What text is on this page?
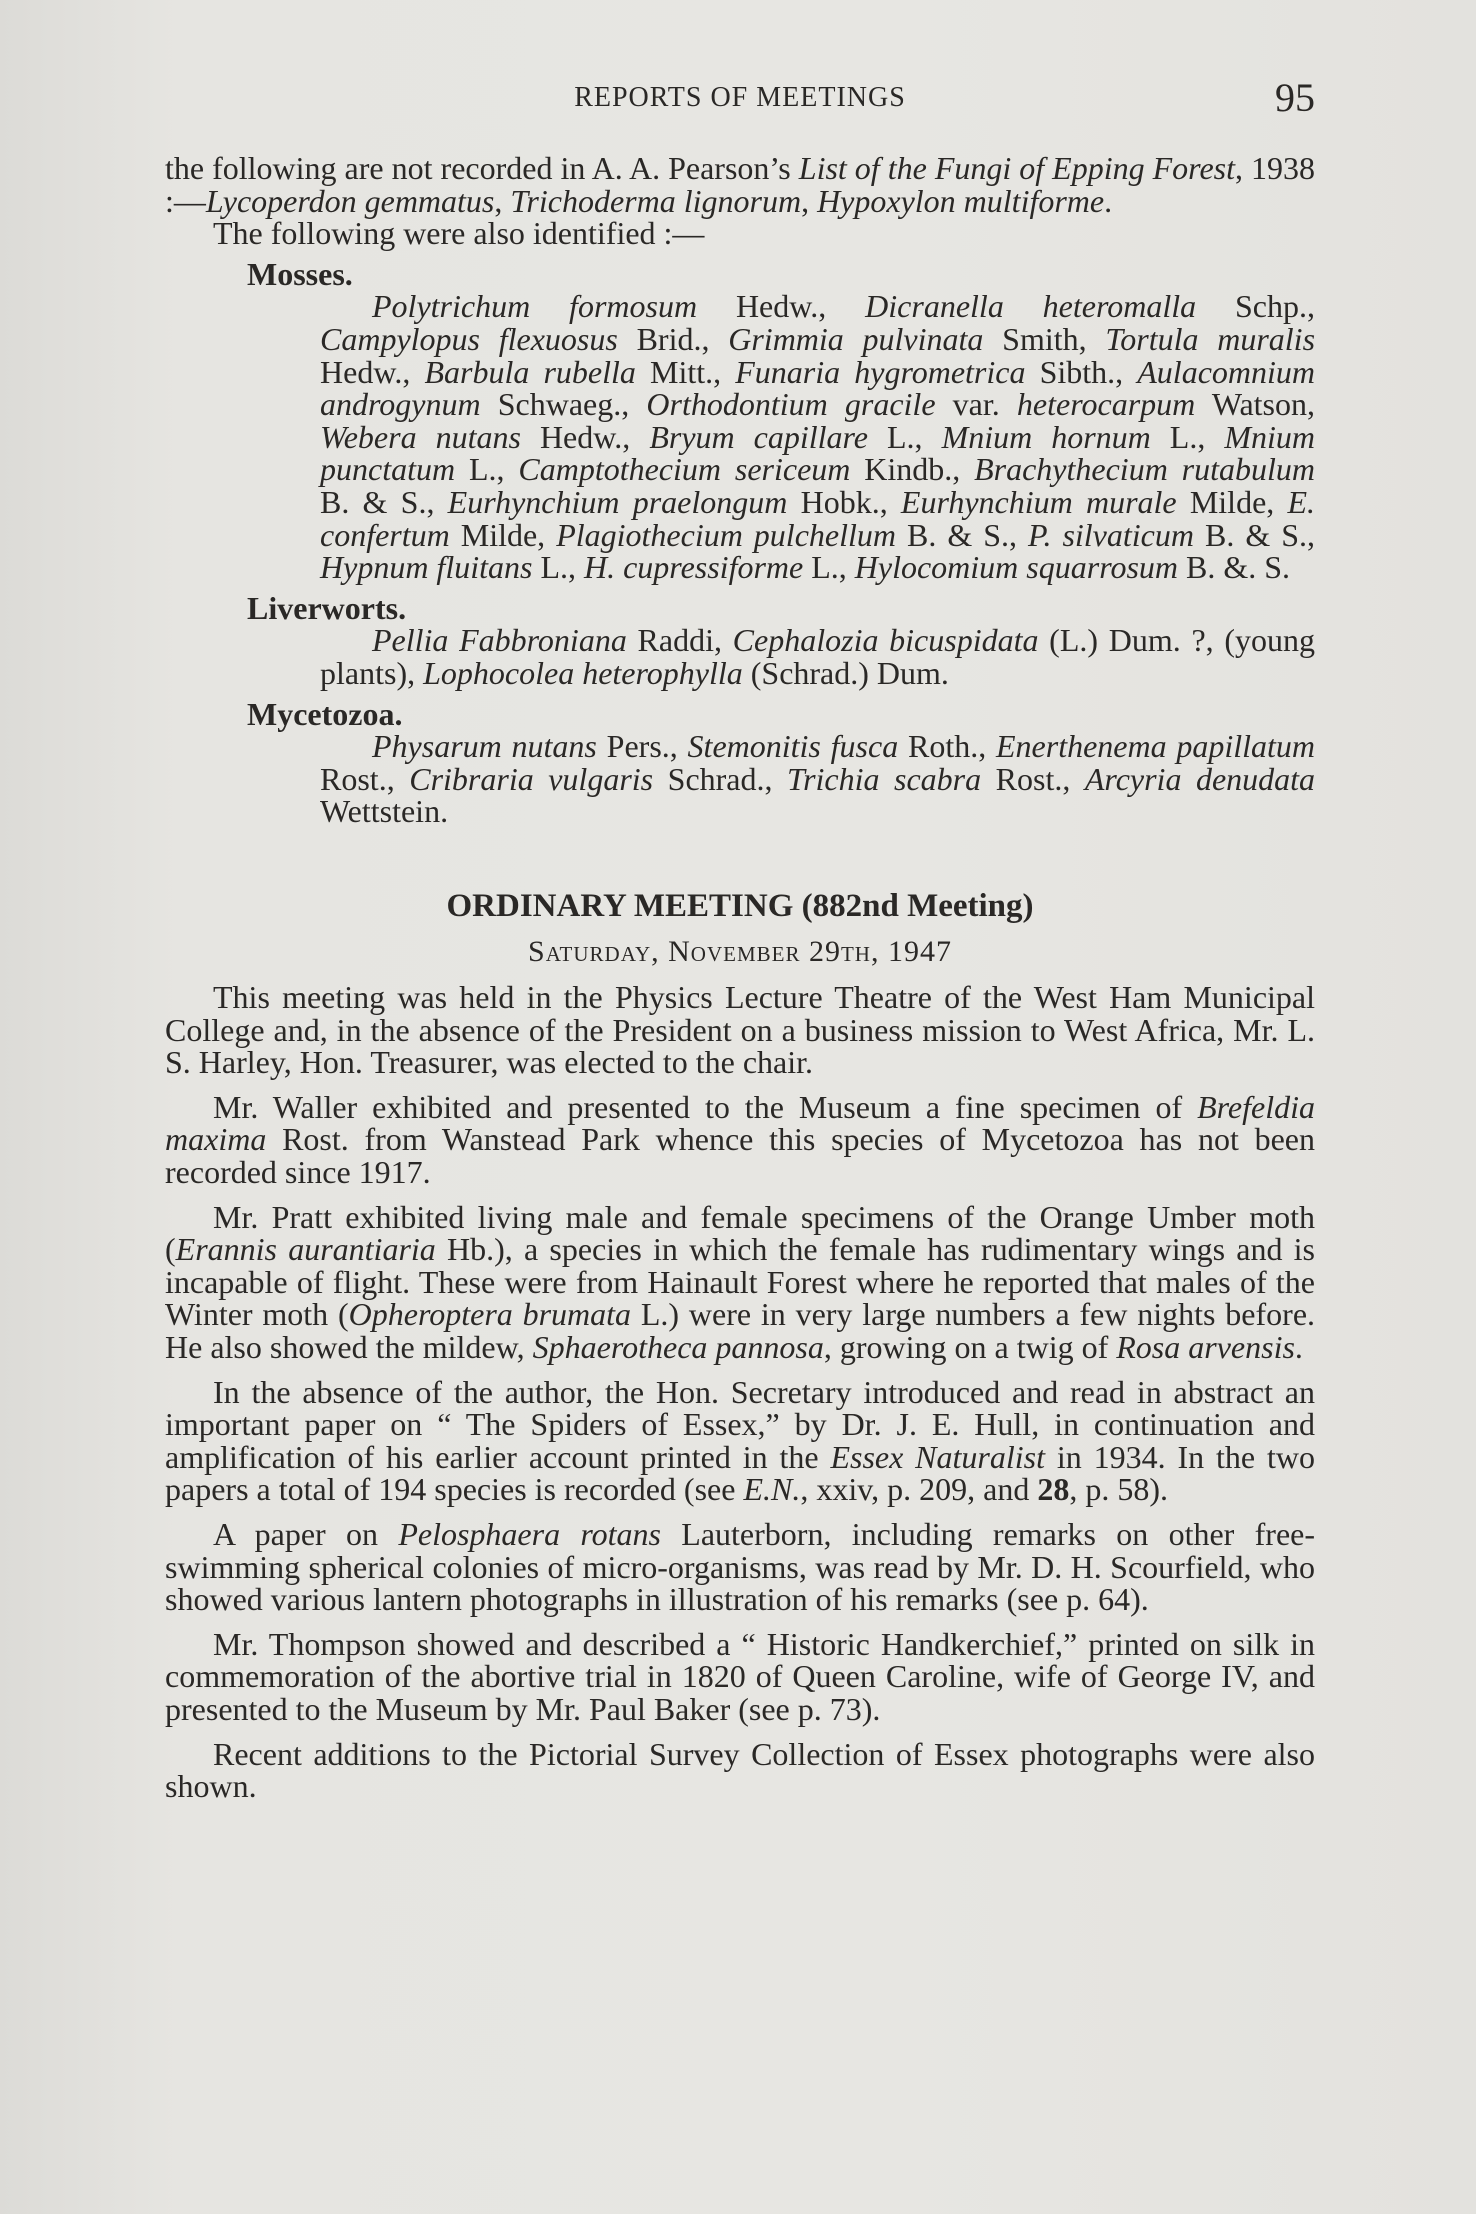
REPORTS OF MEETINGS	95

the following are not recorded in A. A. Pearson’s List of the Fungi of Epping Forest, 1938 :—Lycoperdon gemmatus, Trichoderma lignorum, Hypoxylon multiforme.

The following were also identified :—

Mosses.

Polytrichum formosum Hedw., Dicranella heteromalla Schp., Campylopus flexuosus Brid., Grimmia pulvinata Smith, Tortula muralis Hedw., Barbula rubella Mitt., Funaria hygrometrica Sibth., Aulacomnium androgynum Schwaeg., Orthodontium gracile var. heterocarpum Watson, Webera nutans Hedw., Bryum capillare L., Mnium hornum L., Mnium punctatum L., Camptothecium sericeum Kindb., Brachythecium rutabulum B. & S., Eurhynchium praelongum Hobk., Eurhynchium murale Milde, E. confertum Milde, Plagiothecium pulchellum B. & S., P. silvaticum B. & S., Hypnum fluitans L., H. cupressiforme L., Hylocomium squarrosum B. &. S.

Liverworts.

Pellia Fabbroniana Raddi, Cephalozia bicuspidata (L.) Dum. ?, (young plants), Lophocolea heterophylla (Schrad.) Dum.

Mycetozoa.

Physarum nutans Pers., Stemonitis fusca Roth., Enerthenema papillatum Rost., Cribraria vulgaris Schrad., Trichia scabra Rost., Arcyria denudata Wettstein.

ORDINARY MEETING (882nd Meeting)

Saturday, November 29th, 1947

This meeting was held in the Physics Lecture Theatre of the West Ham Municipal College and, in the absence of the President on a business mission to West Africa, Mr. L. S. Harley, Hon. Treasurer, was elected to the chair.

Mr. Waller exhibited and presented to the Museum a fine specimen of Brefeldia maxima Rost. from Wanstead Park whence this species of Mycetozoa has not been recorded since 1917.

Mr. Pratt exhibited living male and female specimens of the Orange Umber moth (Erannis aurantiaria Hb.), a species in which the female has rudimentary wings and is incapable of flight. These were from Hainault Forest where he reported that males of the Winter moth (Opheroptera brumata L.) were in very large numbers a few nights before. He also showed the mildew, Sphaerotheca pannosa, growing on a twig of Rosa arvensis.

In the absence of the author, the Hon. Secretary introduced and read in abstract an important paper on “ The Spiders of Essex,” by Dr. J. E. Hull, in continuation and amplification of his earlier account printed in the Essex Naturalist in 1934. In the two papers a total of 194 species is recorded (see E.N., xxiv, p. 209, and 28, p. 58).

A paper on Pelosphaera rotans Lauterborn, including remarks on other free-swimming spherical colonies of micro-organisms, was read by Mr. D. H. Scourfield, who showed various lantern photographs in illustration of his remarks (see p. 64).

Mr. Thompson showed and described a “ Historic Handkerchief,” printed on silk in commemoration of the abortive trial in 1820 of Queen Caroline, wife of George IV, and presented to the Museum by Mr. Paul Baker (see p. 73).

Recent additions to the Pictorial Survey Collection of Essex photographs were also shown.
